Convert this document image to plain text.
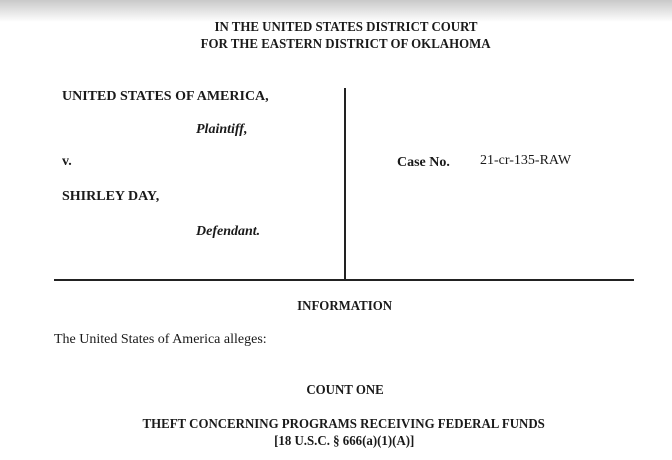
IN THE UNITED STATES DISTRICT COURT
FOR THE EASTERN DISTRICT OF OKLAHOMA
UNITED STATES OF AMERICA,
Plaintiff,
v.
SHIRLEY DAY,
Defendant.
Case No. 21-cr-135-RAW
INFORMATION
The United States of America alleges:
COUNT ONE
THEFT CONCERNING PROGRAMS RECEIVING FEDERAL FUNDS
[18 U.S.C. § 666(a)(1)(A)]
